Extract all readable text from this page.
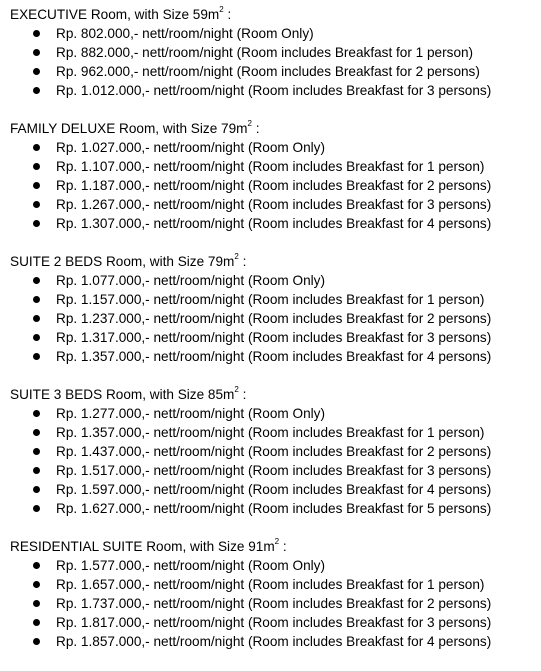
EXECUTIVE Room, with Size $59m^2$ :
Rp. 802.000,- nett/room/night (Room Only)
Rp. 882.000,- nett/room/night (Room includes Breakfast for 1 person)
Rp. 962.000,- nett/room/night (Room includes Breakfast for 2 persons)
Rp. 1.012.000,- nett/room/night (Room includes Breakfast for 3 persons)
FAMILY DELUXE Room, with Size $79m^2$ :
Rp. 1.027.000,- nett/room/night (Room Only)
Rp. 1.107.000,- nett/room/night (Room includes Breakfast for 1 person)
Rp. 1.187.000,- nett/room/night (Room includes Breakfast for 2 persons)
Rp. 1.267.000,- nett/room/night (Room includes Breakfast for 3 persons)
Rp. 1.307.000,- nett/room/night (Room includes Breakfast for 4 persons)
SUITE 2 BEDS Room, with Size $79m^2$ :
Rp. 1.077.000,- nett/room/night (Room Only)
Rp. 1.157.000,- nett/room/night (Room includes Breakfast for 1 person)
Rp. 1.237.000,- nett/room/night (Room includes Breakfast for 2 persons)
Rp. 1.317.000,- nett/room/night (Room includes Breakfast for 3 persons)
Rp. 1.357.000,- nett/room/night (Room includes Breakfast for 4 persons)
SUITE 3 BEDS Room, with Size $85m^2$ :
Rp. 1.277.000,- nett/room/night (Room Only)
Rp. 1.357.000,- nett/room/night (Room includes Breakfast for 1 person)
Rp. 1.437.000,- nett/room/night (Room includes Breakfast for 2 persons)
Rp. 1.517.000,- nett/room/night (Room includes Breakfast for 3 persons)
Rp. 1.597.000,- nett/room/night (Room includes Breakfast for 4 persons)
Rp. 1.627.000,- nett/room/night (Room includes Breakfast for 5 persons)
RESIDENTIAL SUITE Room, with Size $91m^2$ :
Rp. 1.577.000,- nett/room/night (Room Only)
Rp. 1.657.000,- nett/room/night (Room includes Breakfast for 1 person)
Rp. 1.737.000,- nett/room/night (Room includes Breakfast for 2 persons)
Rp. 1.817.000,- nett/room/night (Room includes Breakfast for 3 persons)
Rp. 1.857.000,- nett/room/night (Room includes Breakfast for 4 persons)
